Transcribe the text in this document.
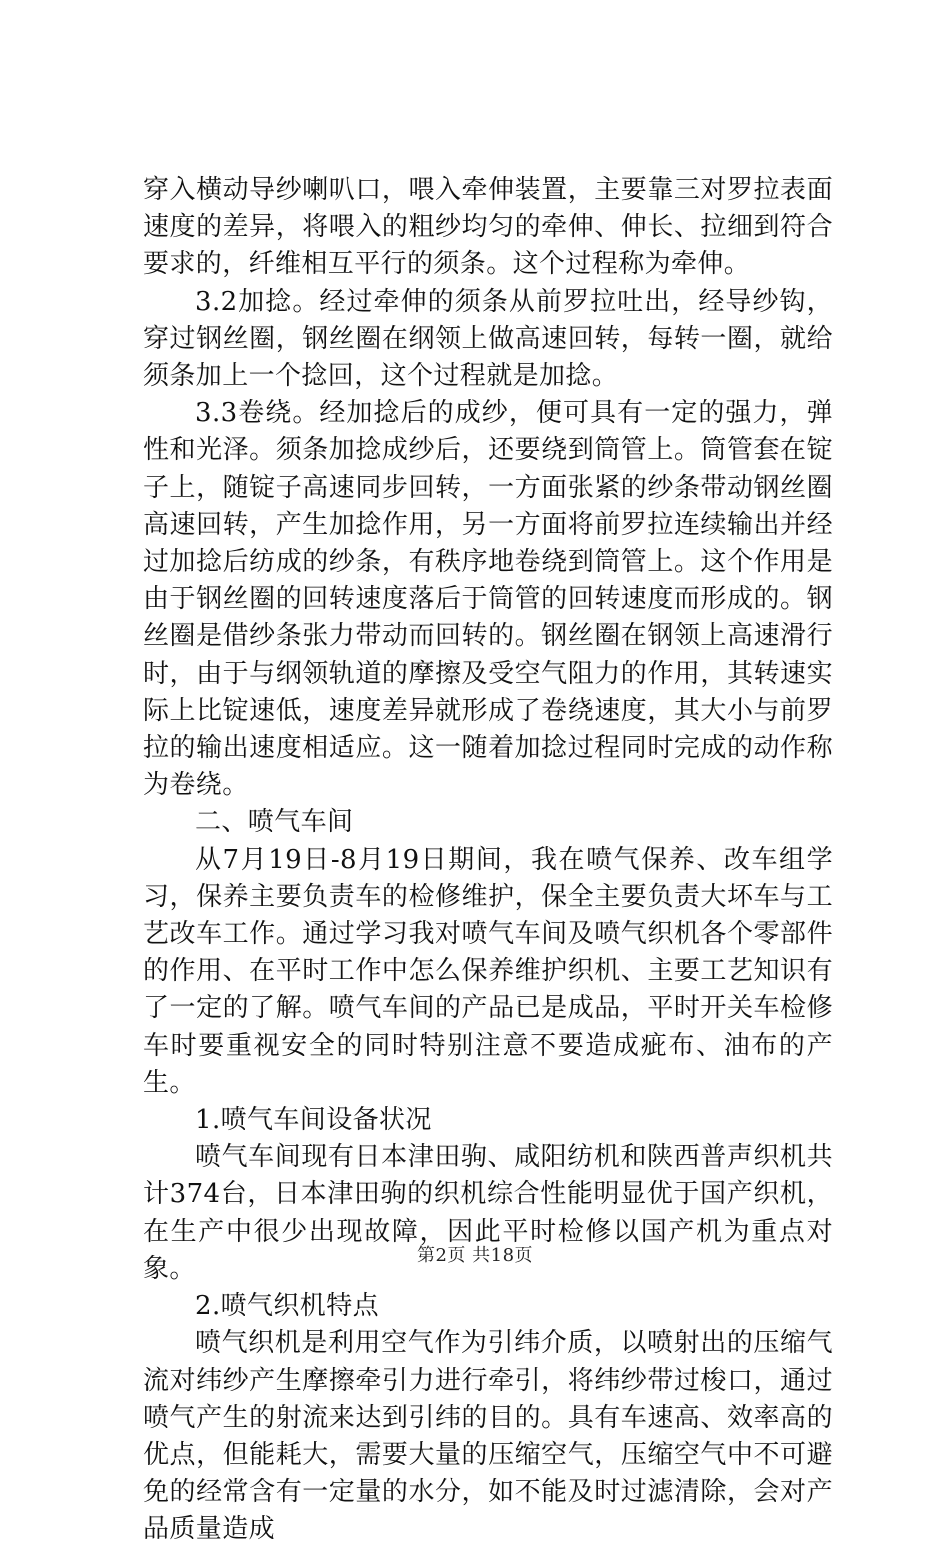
穿入横动导纱喇叭口，喂入牵伸装置，主要靠三对罗拉表面速度的差异，将喂入的粗纱均匀的牵伸、伸长、拉细到符合要求的，纤维相互平行的须条。这个过程称为牵伸。

3.2加捻。经过牵伸的须条从前罗拉吐出，经导纱钩，穿过钢丝圈，钢丝圈在纲领上做高速回转，每转一圈，就给须条加上一个捻回，这个过程就是加捻。

3.3卷绕。经加捻后的成纱，便可具有一定的强力，弹性和光泽。须条加捻成纱后，还要绕到筒管上。筒管套在锭子上，随锭子高速同步回转，一方面张紧的纱条带动钢丝圈高速回转，产生加捻作用，另一方面将前罗拉连续输出并经过加捻后纺成的纱条，有秩序地卷绕到筒管上。这个作用是由于钢丝圈的回转速度落后于筒管的回转速度而形成的。钢丝圈是借纱条张力带动而回转的。钢丝圈在钢领上高速滑行时，由于与纲领轨道的摩擦及受空气阻力的作用，其转速实际上比锭速低，速度差异就形成了卷绕速度，其大小与前罗拉的输出速度相适应。这一随着加捻过程同时完成的动作称为卷绕。

二、喷气车间

从7月19日-8月19日期间，我在喷气保养、改车组学习，保养主要负责车的检修维护，保全主要负责大坏车与工艺改车工作。通过学习我对喷气车间及喷气织机各个零部件的作用、在平时工作中怎么保养维护织机、主要工艺知识有了一定的了解。喷气车间的产品已是成品，平时开关车检修车时要重视安全的同时特别注意不要造成疵布、油布的产生。

1.喷气车间设备状况

喷气车间现有日本津田驹、咸阳纺机和陕西普声织机共计374台，日本津田驹的织机综合性能明显优于国产织机，在生产中很少出现故障，因此平时检修以国产机为重点对象。

2.喷气织机特点

喷气织机是利用空气作为引纬介质，以喷射出的压缩气流对纬纱产生摩擦牵引力进行牵引，将纬纱带过梭口，通过喷气产生的射流来达到引纬的目的。具有车速高、效率高的优点，但能耗大，需要大量的压缩空气，压缩空气中不可避免的经常含有一定量的水分，如不能及时过滤清除，会对产品质量造成

第2页 共18页
